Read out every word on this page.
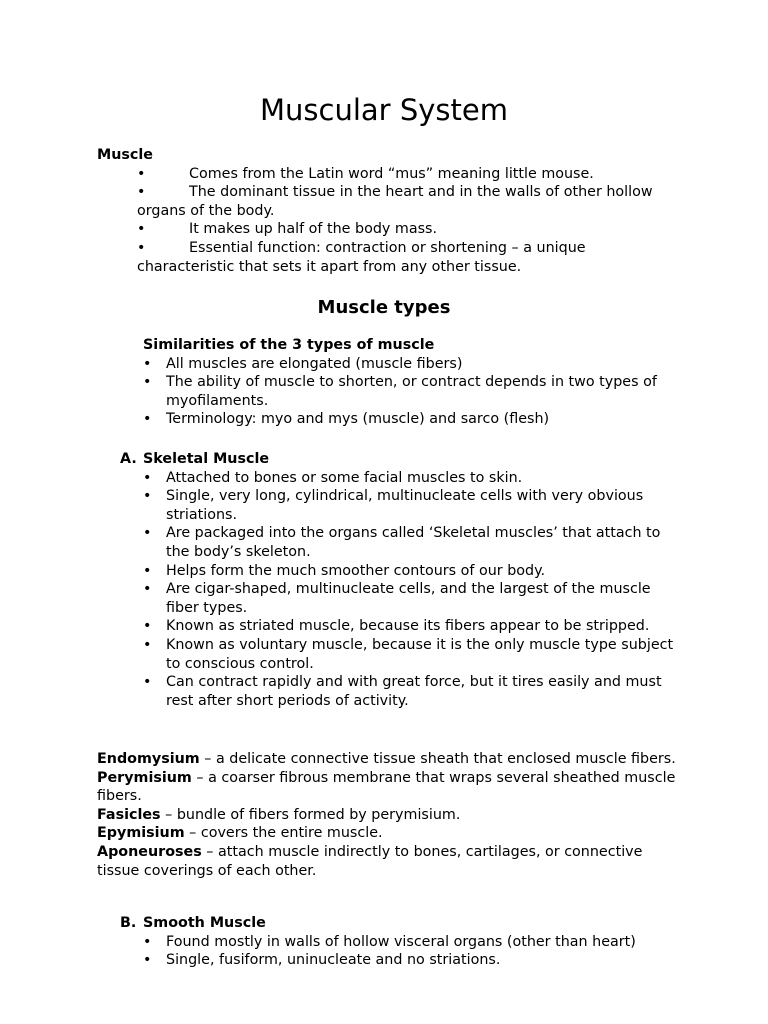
Muscular System

Muscle

•	Comes from the Latin word “mus” meaning little mouse.
•	The dominant tissue in the heart and in the walls of other hollow organs of the body.
•	It makes up half of the body mass.
•	Essential function: contraction or shortening – a unique characteristic that sets it apart from any other tissue.
Muscle types

Similarities of the 3 types of muscle

• All muscles are elongated (muscle fibers)
• The ability of muscle to shorten, or contract depends in two types of myofilaments.
• Terminology: myo and mys (muscle) and sarco (flesh)

A. Skeletal Muscle

• Attached to bones or some facial muscles to skin.
• Single, very long, cylindrical, multinucleate cells with very obvious striations.
• Are packaged into the organs called ‘Skeletal muscles’ that attach to the body’s skeleton.
• Helps form the much smoother contours of our body.
• Are cigar-shaped, multinucleate cells, and the largest of the muscle fiber types.
• Known as striated muscle, because its fibers appear to be stripped.
• Known as voluntary muscle, because it is the only muscle type subject to conscious control.
• Can contract rapidly and with great force, but it tires easily and must rest after short periods of activity.

Endomysium – a delicate connective tissue sheath that enclosed muscle fibers.

Perymisium – a coarser fibrous membrane that wraps several sheathed muscle fibers.

Fasicles – bundle of fibers formed by perymisium.

Epymisium – covers the entire muscle.

Aponeuroses – attach muscle indirectly to bones, cartilages, or connective tissue coverings of each other.

B. Smooth Muscle

• Found mostly in walls of hollow visceral organs (other than heart)
• Single, fusiform, uninucleate and no striations.
